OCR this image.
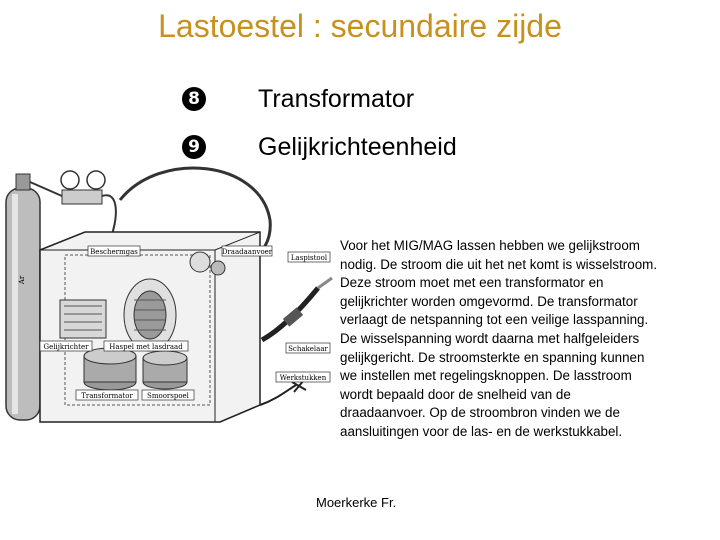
Lastoestel : secundaire zijde
8 Transformator
9 Gelijkrichteenheid
Ar
Beschermgas	Draadaanvoer
Laspistool
Gelijkrichter	Haspel met lasdraad	Schakelaar
Werkstukken
Transformator Smoorspoel
Voor het MIG/MAG lassen hebben we gelijkstroom
nodig. De stroom die uit het net komt is wisselstroom.
Deze stroom moet met een transformator en
gelijkrichter worden omgevormd. De transformator
verlaagt de netspanning tot een veilige lasspanning.
De wisselspanning wordt daarna met halfgeleiders
gelijkgericht. De stroomsterkte en spanning kunnen
we instellen met regelingsknoppen. De lasstroom
wordt bepaald door de snelheid van de
draadaanvoer. Op de stroombron vinden we de
aansluitingen voor de las- en de werkstukkabel.
Moerkerke Fr.
